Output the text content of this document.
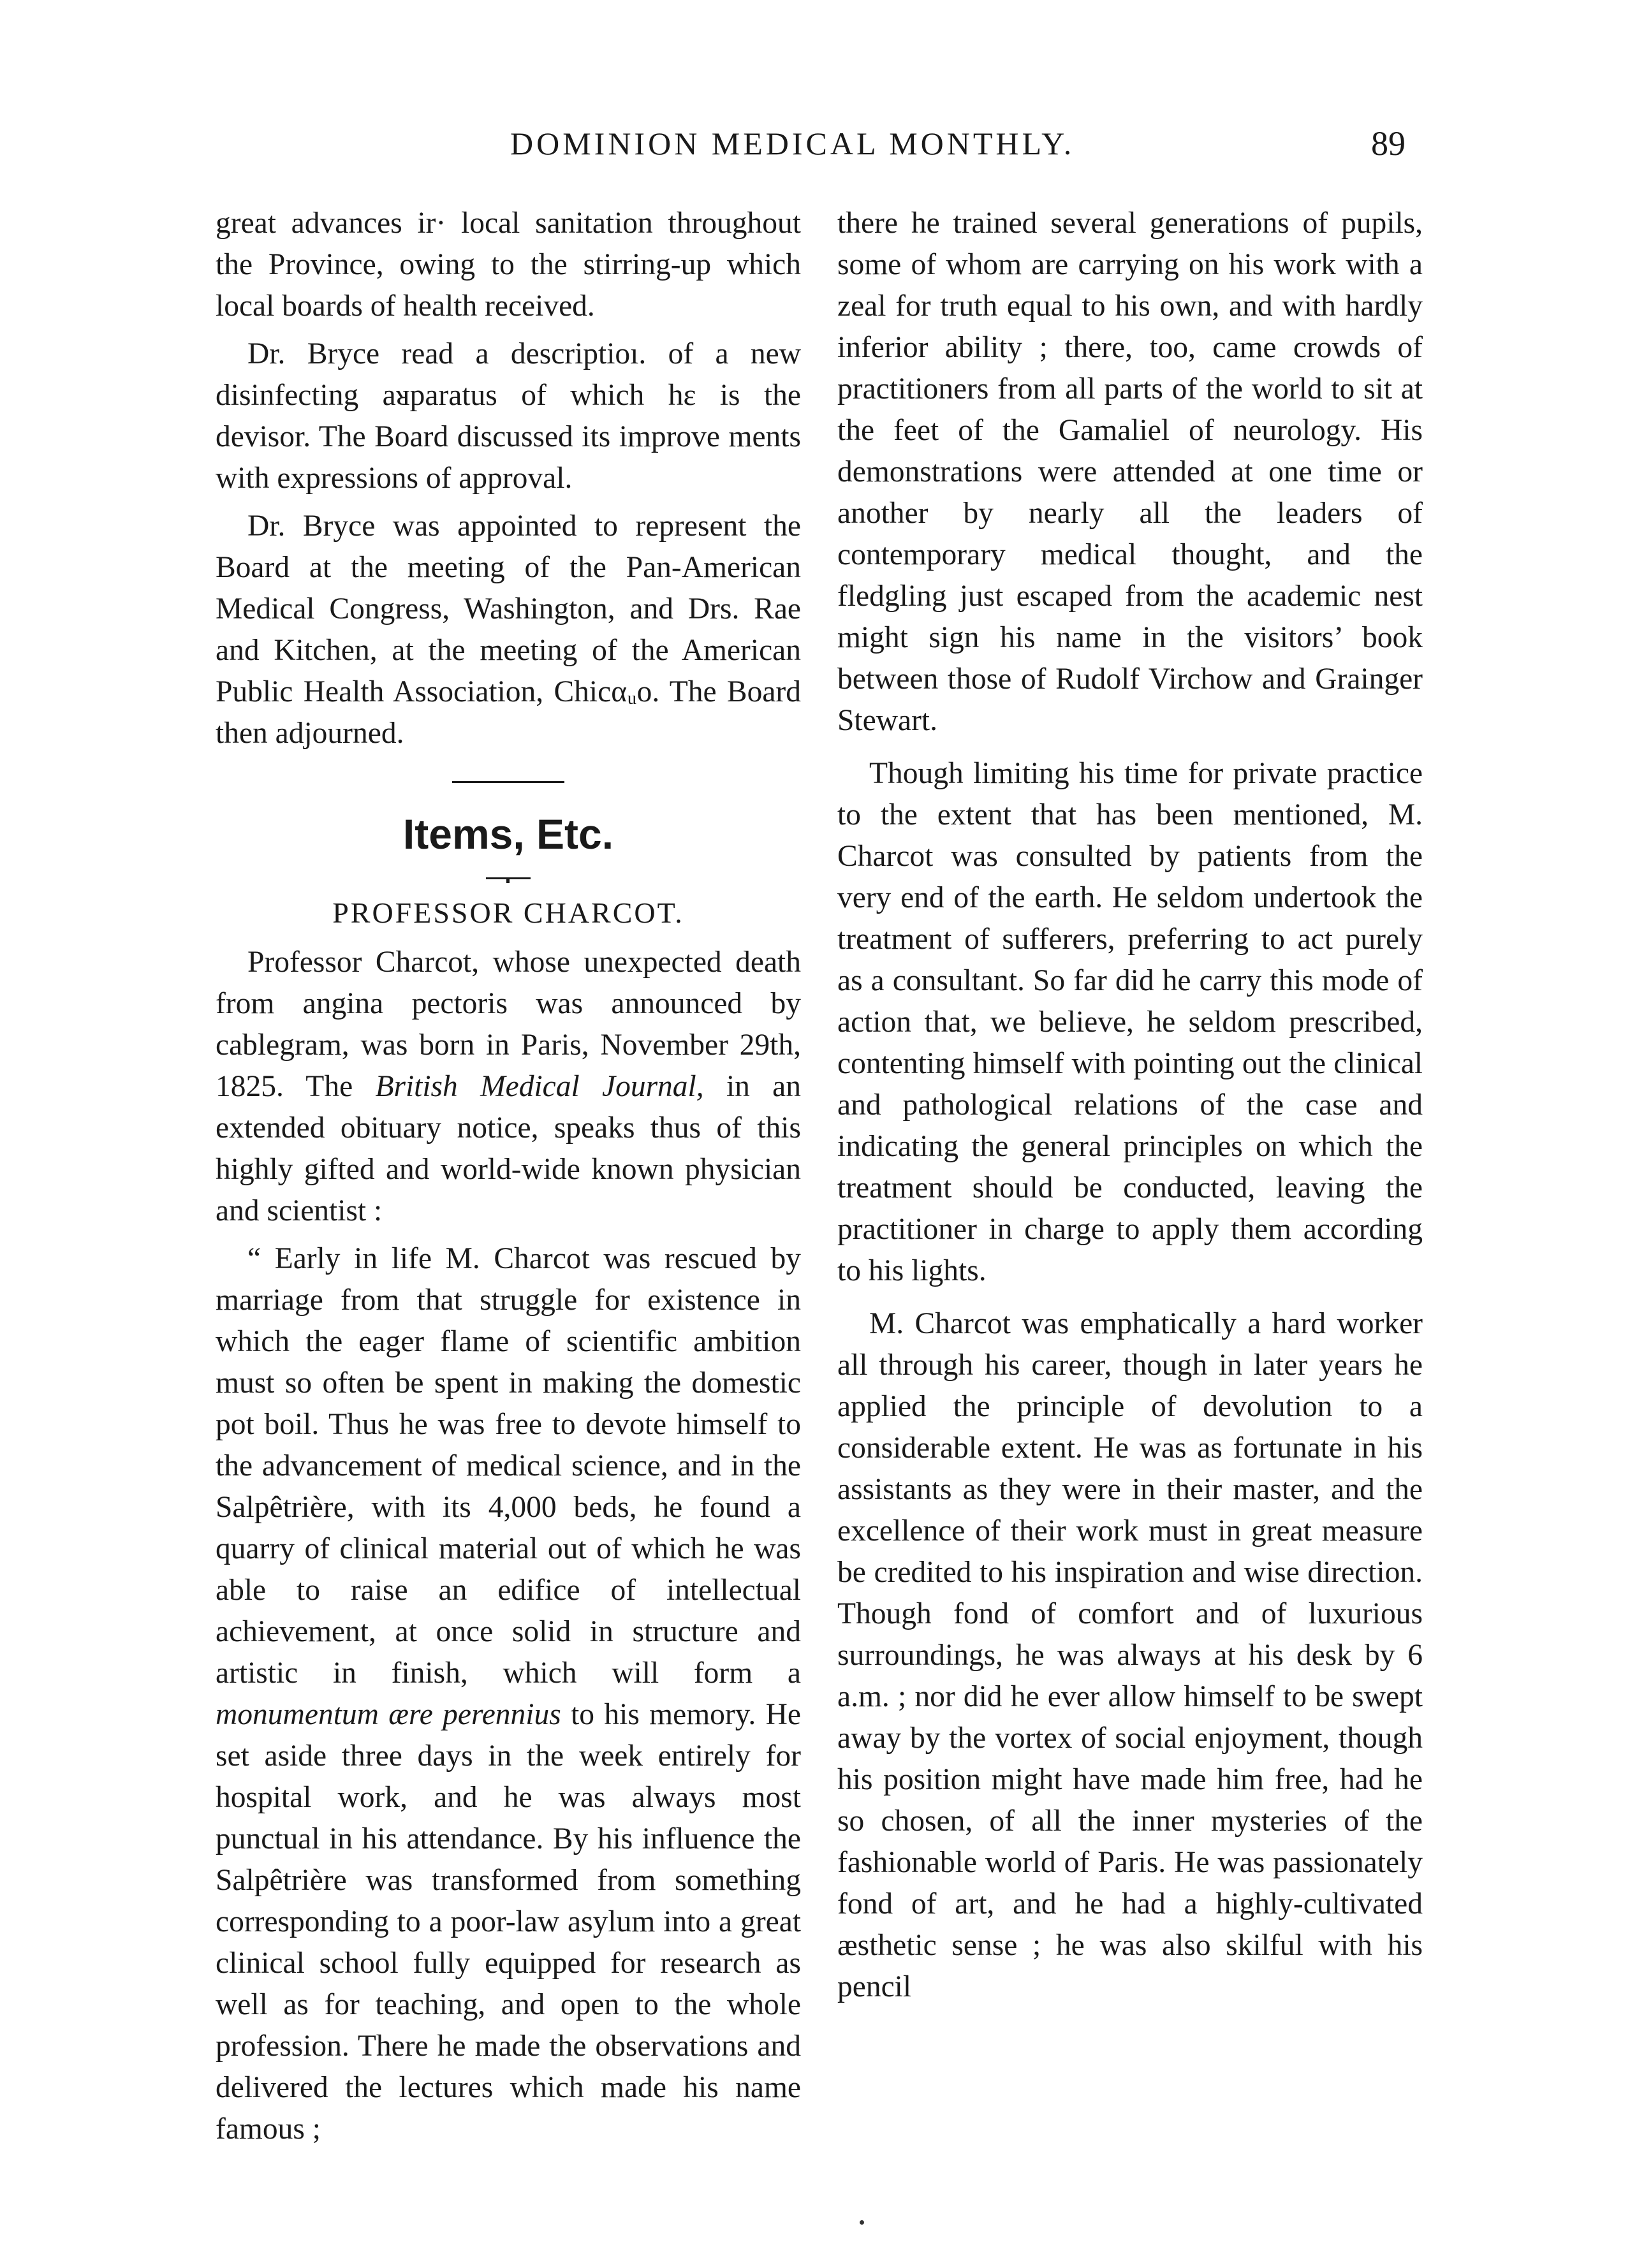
DOMINION MEDICAL MONTHLY.	89

great advances ir· local sanitation throughout the Province, owing to the stirring-up which local boards of health received.

Dr. Bryce read a descriptioı. of a new disinfecting aᴚparatus of which hε is the devisor. The Board discussed its improve mentѕ with expressions of approval.

Dr. Bryce was appointed to represent the Board at the meeting of the Pan-American Medical Congress, Washington, and Drs. Rae and Kitchen, at the meeting of the American Public Health Association, Chicαᵤo. The Board then adjourned.

Items, Etc.

PROFESSOR CHARCOT.

Professor Charcot, whose unexpected death from angina pectoris was announced by cablegram, was born in Paris, November 29th, 1825. The British Medical Journal, in an extended obituary notice, speaks thus of this highly gifted and world-wide known physician and scientist :

“ Early in life M. Charcot was rescued by marriage from that struggle for existence in which the eager flame of scientific ambition must so often be spent in making the domestic pot boil. Thus he was free to devote himself to the advancement of medical science, and in the Salpêtrière, with its 4,000 beds, he found a quarry of clinical material out of which he was able to raise an edifice of intellectual achievement, at once solid in structure and artistic in finish, which will form a monumentum ære perennius to his memory. He set aside three days in the week entirely for hospital work, and he was always most punctual in his attendance. By his influence the Salpêtrière was transformed from something corresponding to a poor-law asylum into a great clinical school fully equipped for research as well as for teaching, and open to the whole profession. There he made the observations and delivered the lectures which made his name famous ;

there he trained several generations of pupils, some of whom are carrying on his work with a zeal for truth equal to his own, and with hardly inferior ability ; there, too, came crowds of practitioners from all parts of the world to sit at the feet of the Gamaliel of neurology. His demonstrations were attended at one time or another by nearly all the leaders of contemporary medical thought, and the fledgling just escaped from the academic nest might sign his name in the visitors’ book between those of Rudolf Virchow and Grainger Stewart.

Though limiting his time for private practice to the extent that has been mentioned, M. Charcot was consulted by patients from the very end of the earth. He seldom undertook the treatment of sufferers, preferring to act purely as a consultant. So far did he carry this mode of action that, we believe, he seldom prescribed, contenting himself with pointing out the clinical and pathological relations of the case and indicating the general principles on which the treatment should be conducted, leaving the practitioner in charge to apply them according to his lights.

M. Charcot was emphatically a hard worker all through his career, though in later years he applied the principle of devolution to a considerable extent. He was as fortunate in his assistants as they were in their master, and the excellence of their work must in great measure be credited to his inspiration and wise direction. Though fond of comfort and of luxurious surroundings, he was always at his desk by 6 a.m. ; nor did he ever allow himself to be swept away by the vortex of social enjoyment, though his position might have made him free, had he so chosen, of all the inner mysteries of the fashionable world of Paris. He was passionately fond of art, and he had a highly-cultivated æsthetic sense ; he was also skilful with his pencil
